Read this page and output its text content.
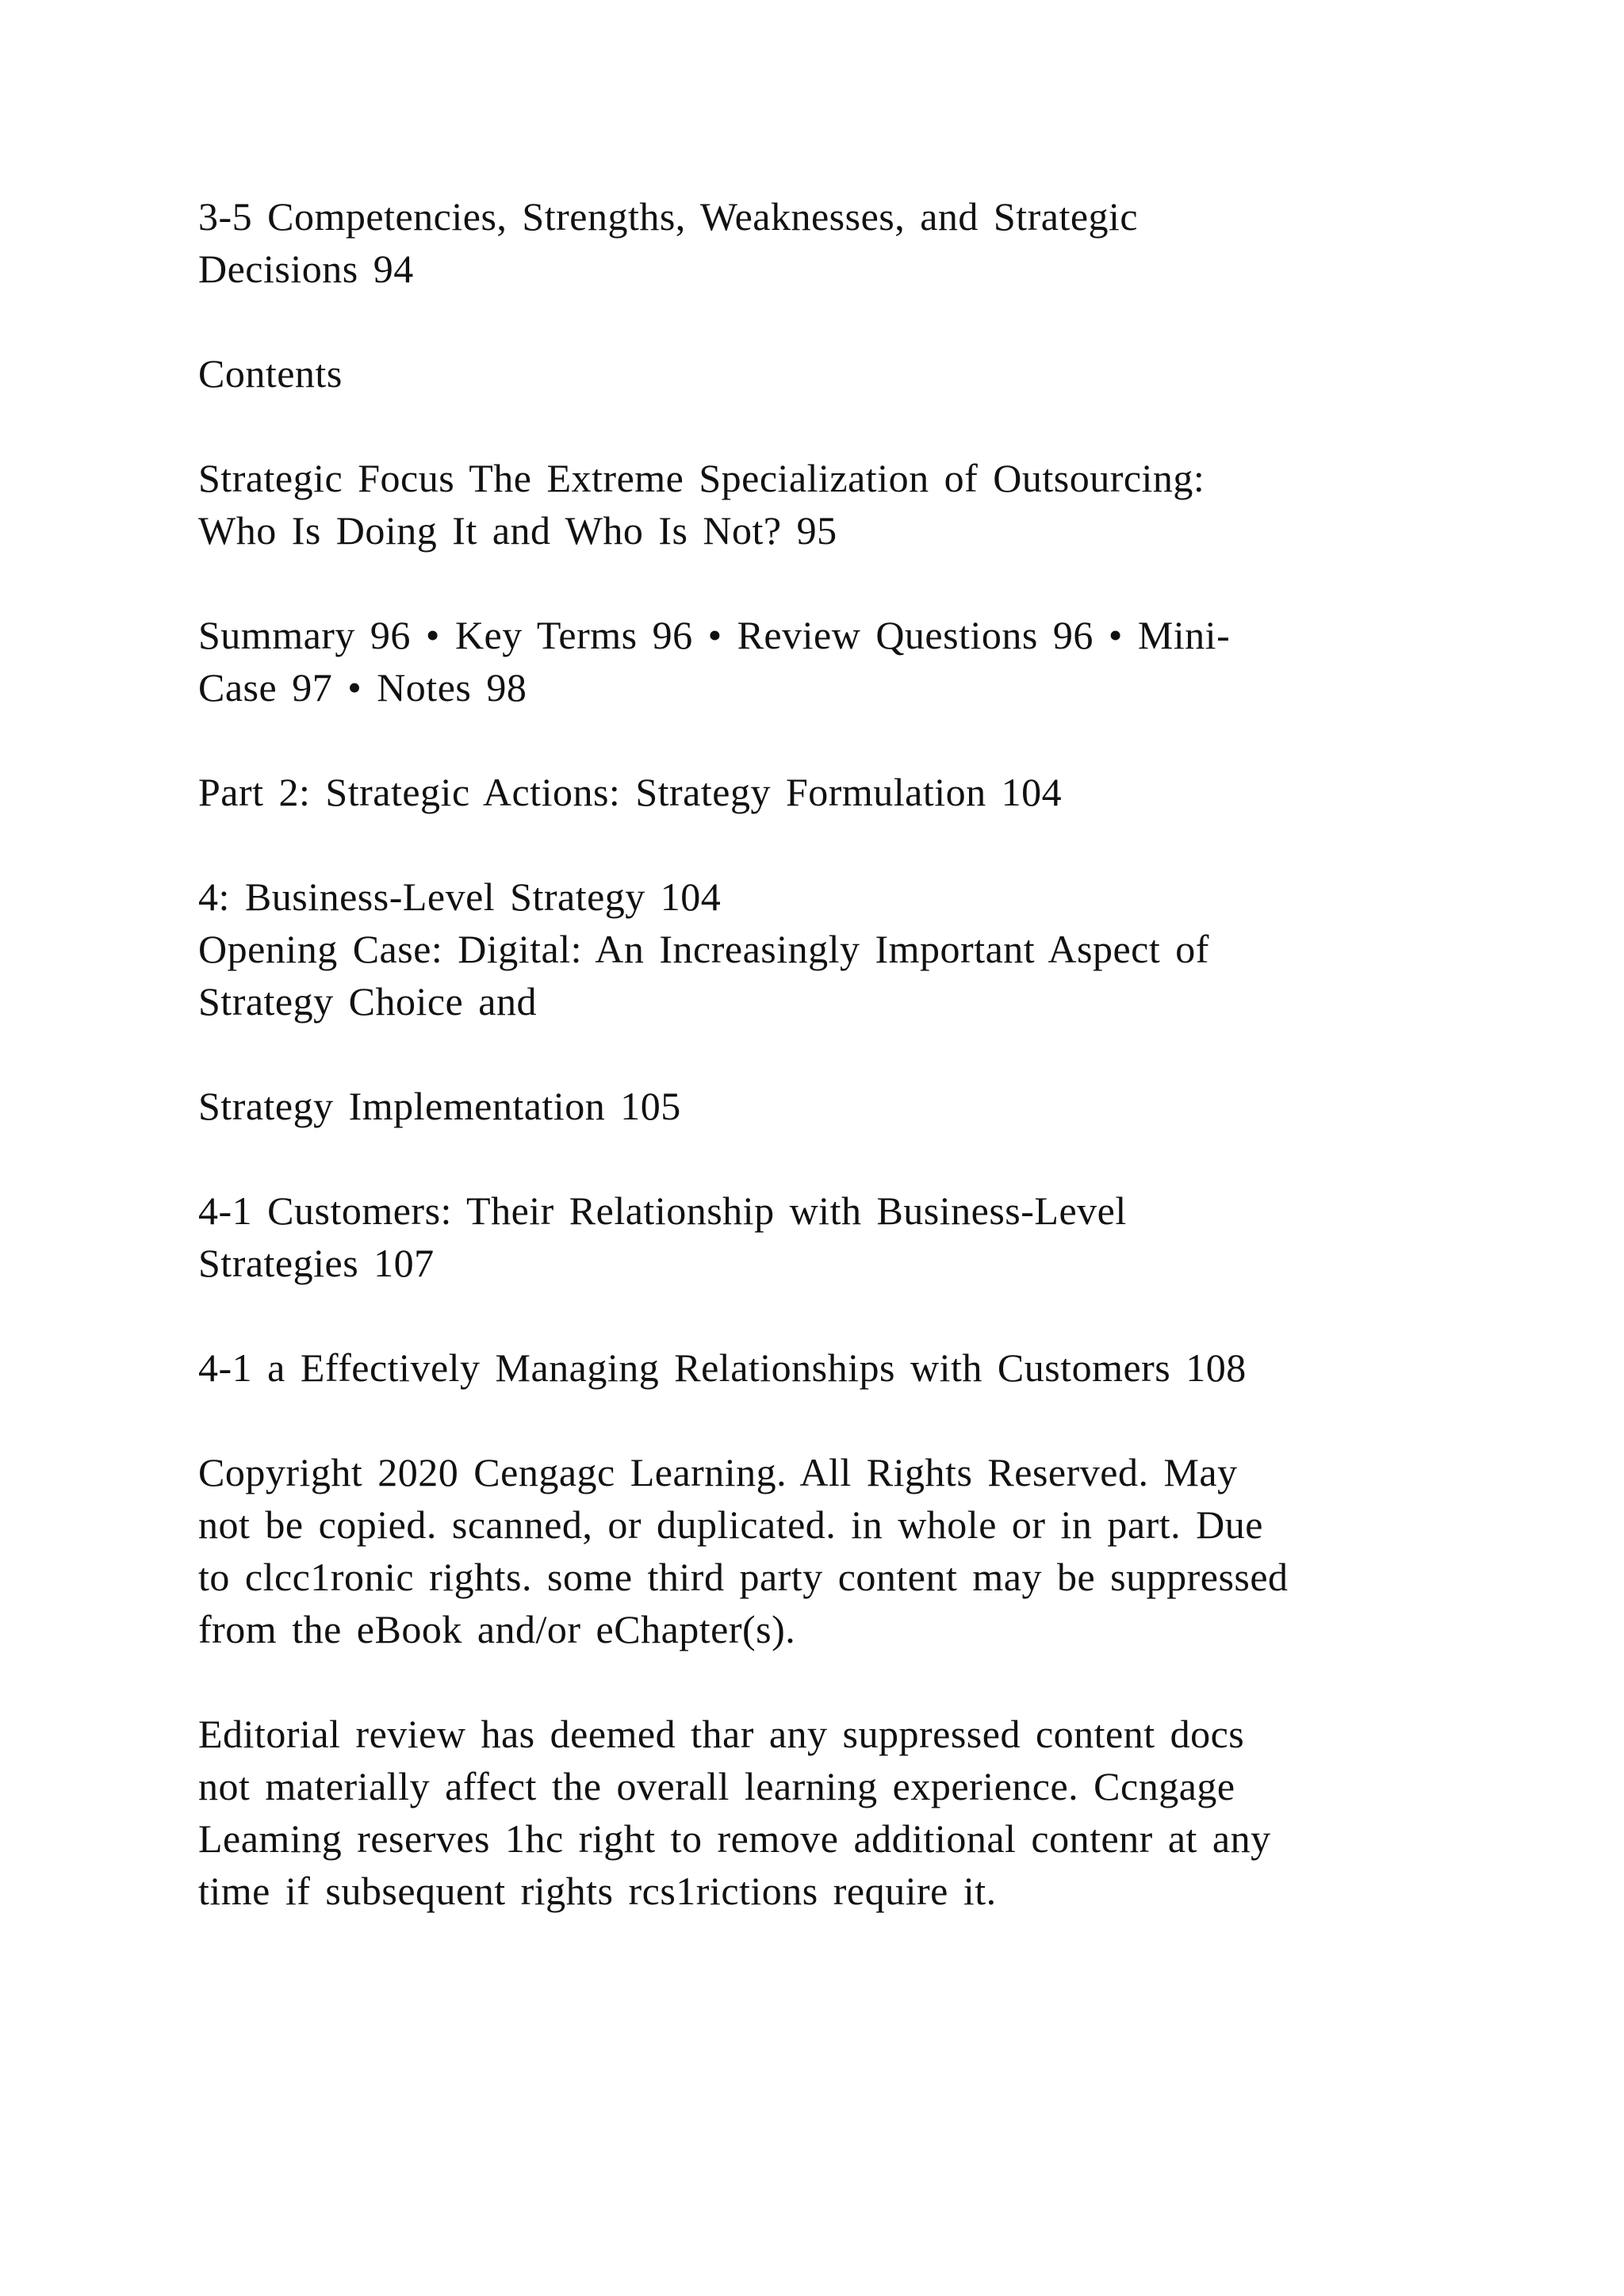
3-5 Competencies, Strengths, Weaknesses, and Strategic
Decisions 94

Contents

Strategic Focus The Extreme Specialization of Outsourcing:
Who Is Doing It and Who Is Not? 95

Summary 96 • Key Terms 96 • Review Questions 96 • Mini-
Case 97 • Notes 98

Part 2: Strategic Actions: Strategy Formulation 104

4: Business-Level Strategy 104
Opening Case: Digital: An Increasingly Important Aspect of
Strategy Choice and

Strategy Implementation 105

4-1 Customers: Their Relationship with Business-Level
Strategies 107

4-1 a Effectively Managing Relationships with Customers 108

Copyright 2020 Cengagc Learning. All Rights Reserved. May
not be copied. scanned, or duplicated. in whole or in part. Due
to clcc1ronic rights. some third party content may be suppressed
from the eBook and/or eChapter(s).

Editorial review has deemed thar any suppressed content docs
not materially affect the overall learning experience. Ccngage
Leaming reserves 1hc right to remove additional contenr at any
time if subsequent rights rcs1rictions require it.
